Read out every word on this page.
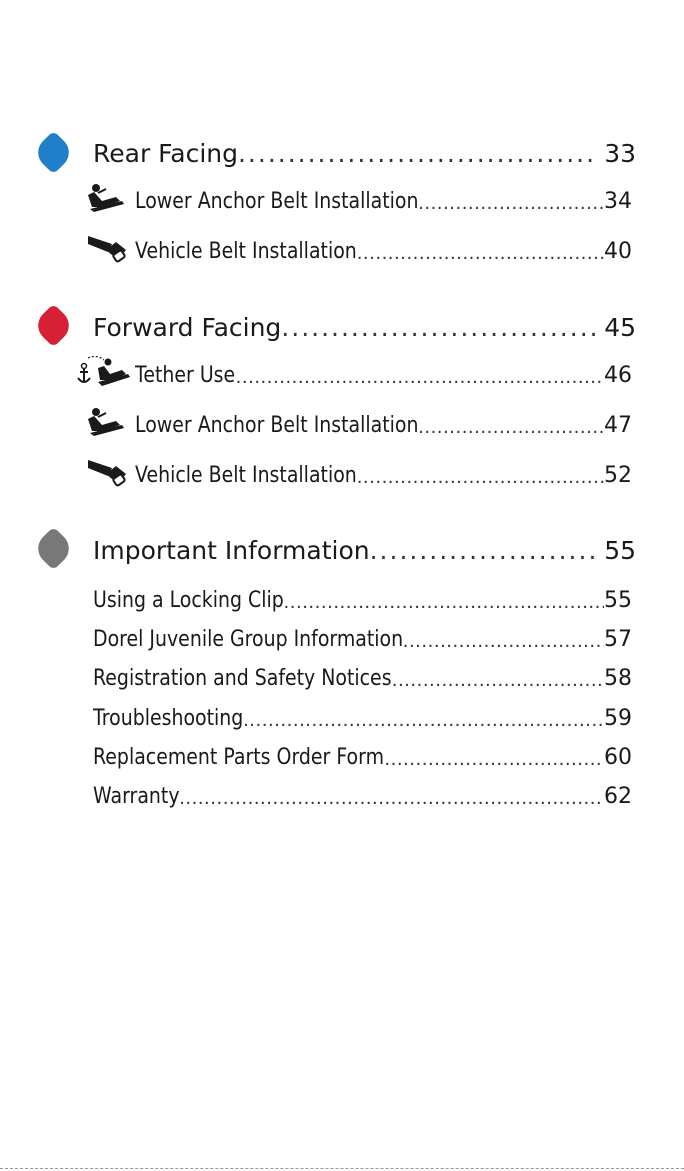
Rear Facing .....	33
Lower Anchor Belt Installation .....	34
Vehicle Belt Installation .....	40
Forward Facing .....	45
Tether Use .....	46
Lower Anchor Belt Installation .....	47
Vehicle Belt Installation .....	52
Important Information .....	55
Using a Locking Clip .....	55
Dorel Juvenile Group Information .....	57
Registration and Safety Notices .....	58
Troubleshooting .....	59
Replacement Parts Order Form .....	60
Warranty .....	62
